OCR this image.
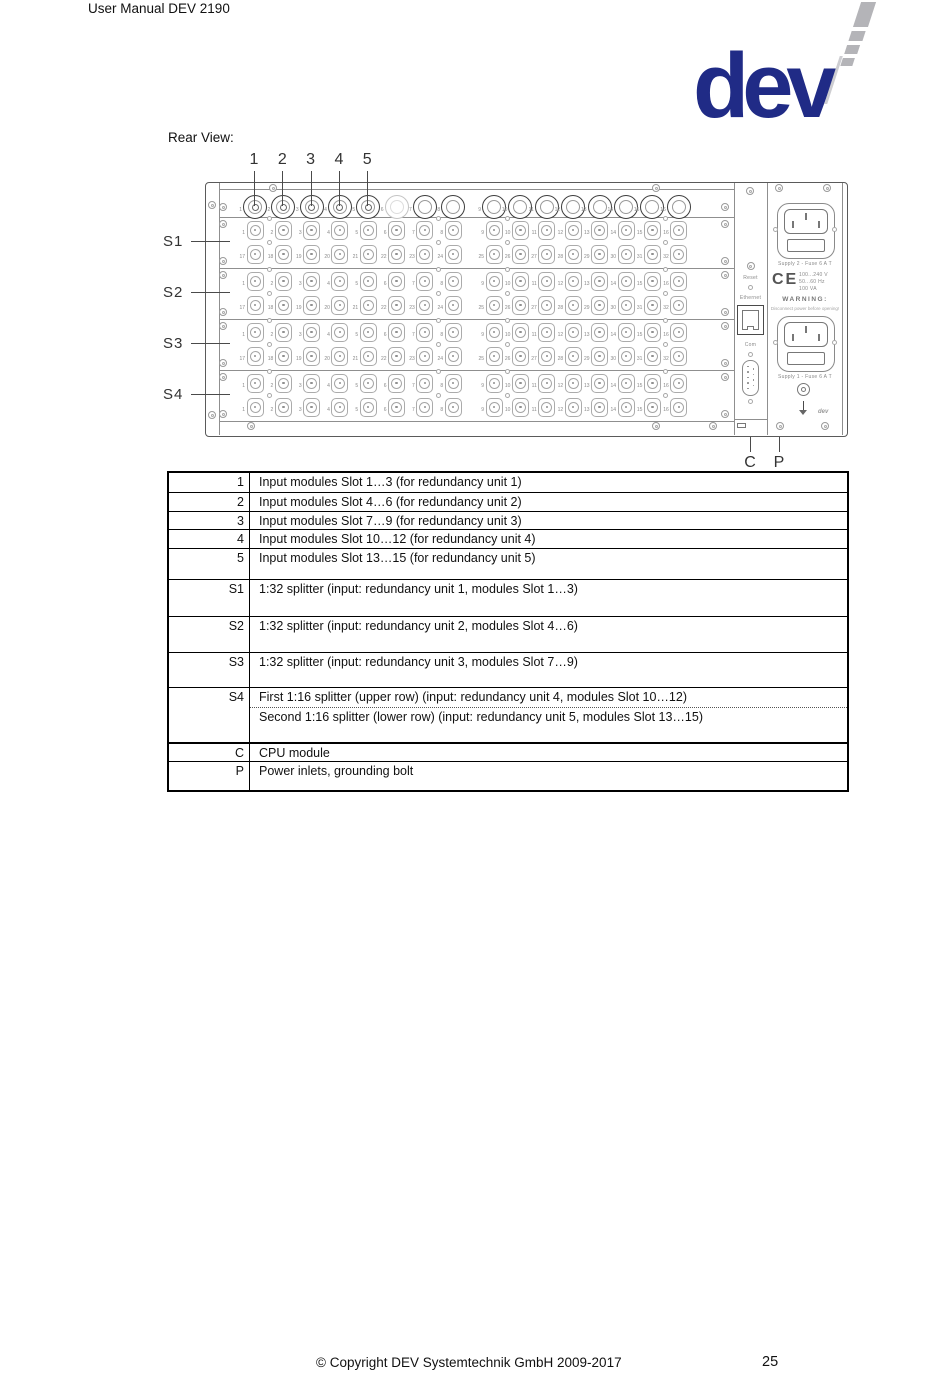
User Manual DEV 2190
dev
Rear View:
1	2	3	4	5	6	7	8	9	10	11	12	13	14	15	16
1	2	3	4	5	6	7	8	9	10	11	12	13	14	15	16
17	18	19	20	21	22	23	24	25	26	27	28	29	30	31	32
1	2	3	4	5	6	7	8	9	10	11	12	13	14	15	16
17	18	19	20	21	22	23	24	25	26	27	28	29	30	31	32
1	2	3	4	5	6	7	8	9	10	11	12	13	14	15	16
17	18	19	20	21	22	23	24	25	26	27	28	29	30	31	32
1	2	3	4	5	6	7	8	9	10	11	12	13	14	15	16
1	2	3	4	5	6	7	8	9	10	11	12	13	14	15	16
Reset
Ethernet
Com
Supply 2 - Fuse 6 A T
Supply 1 - Fuse 6 A T
CE 100...240 V
50...60 Hz
100 VA
WARNING:
Disconnect power before opening!
dev
1 2 3 4 5
S1
S2
S3
S4
C P
1	Input modules Slot 1…3 (for redundancy unit 1)
2	Input modules Slot 4…6 (for redundancy unit 2)
3	Input modules Slot 7…9 (for redundancy unit 3)
4	Input modules Slot 10…12 (for redundancy unit 4)
5	Input modules Slot 13…15 (for redundancy unit 5)
S1	1:32 splitter (input: redundancy unit 1, modules Slot 1…3)
S2	1:32 splitter (input: redundancy unit 2, modules Slot 4…6)
S3	1:32 splitter (input: redundancy unit 3, modules Slot 7…9)
S4	First 1:16 splitter (upper row) (input: redundancy unit 4, modules Slot 10…12)
Second 1:16 splitter (lower row) (input: redundancy unit 5, modules Slot 13…15)
C	CPU module
P	Power inlets, grounding bolt
© Copyright DEV Systemtechnik GmbH 2009-2017	25
